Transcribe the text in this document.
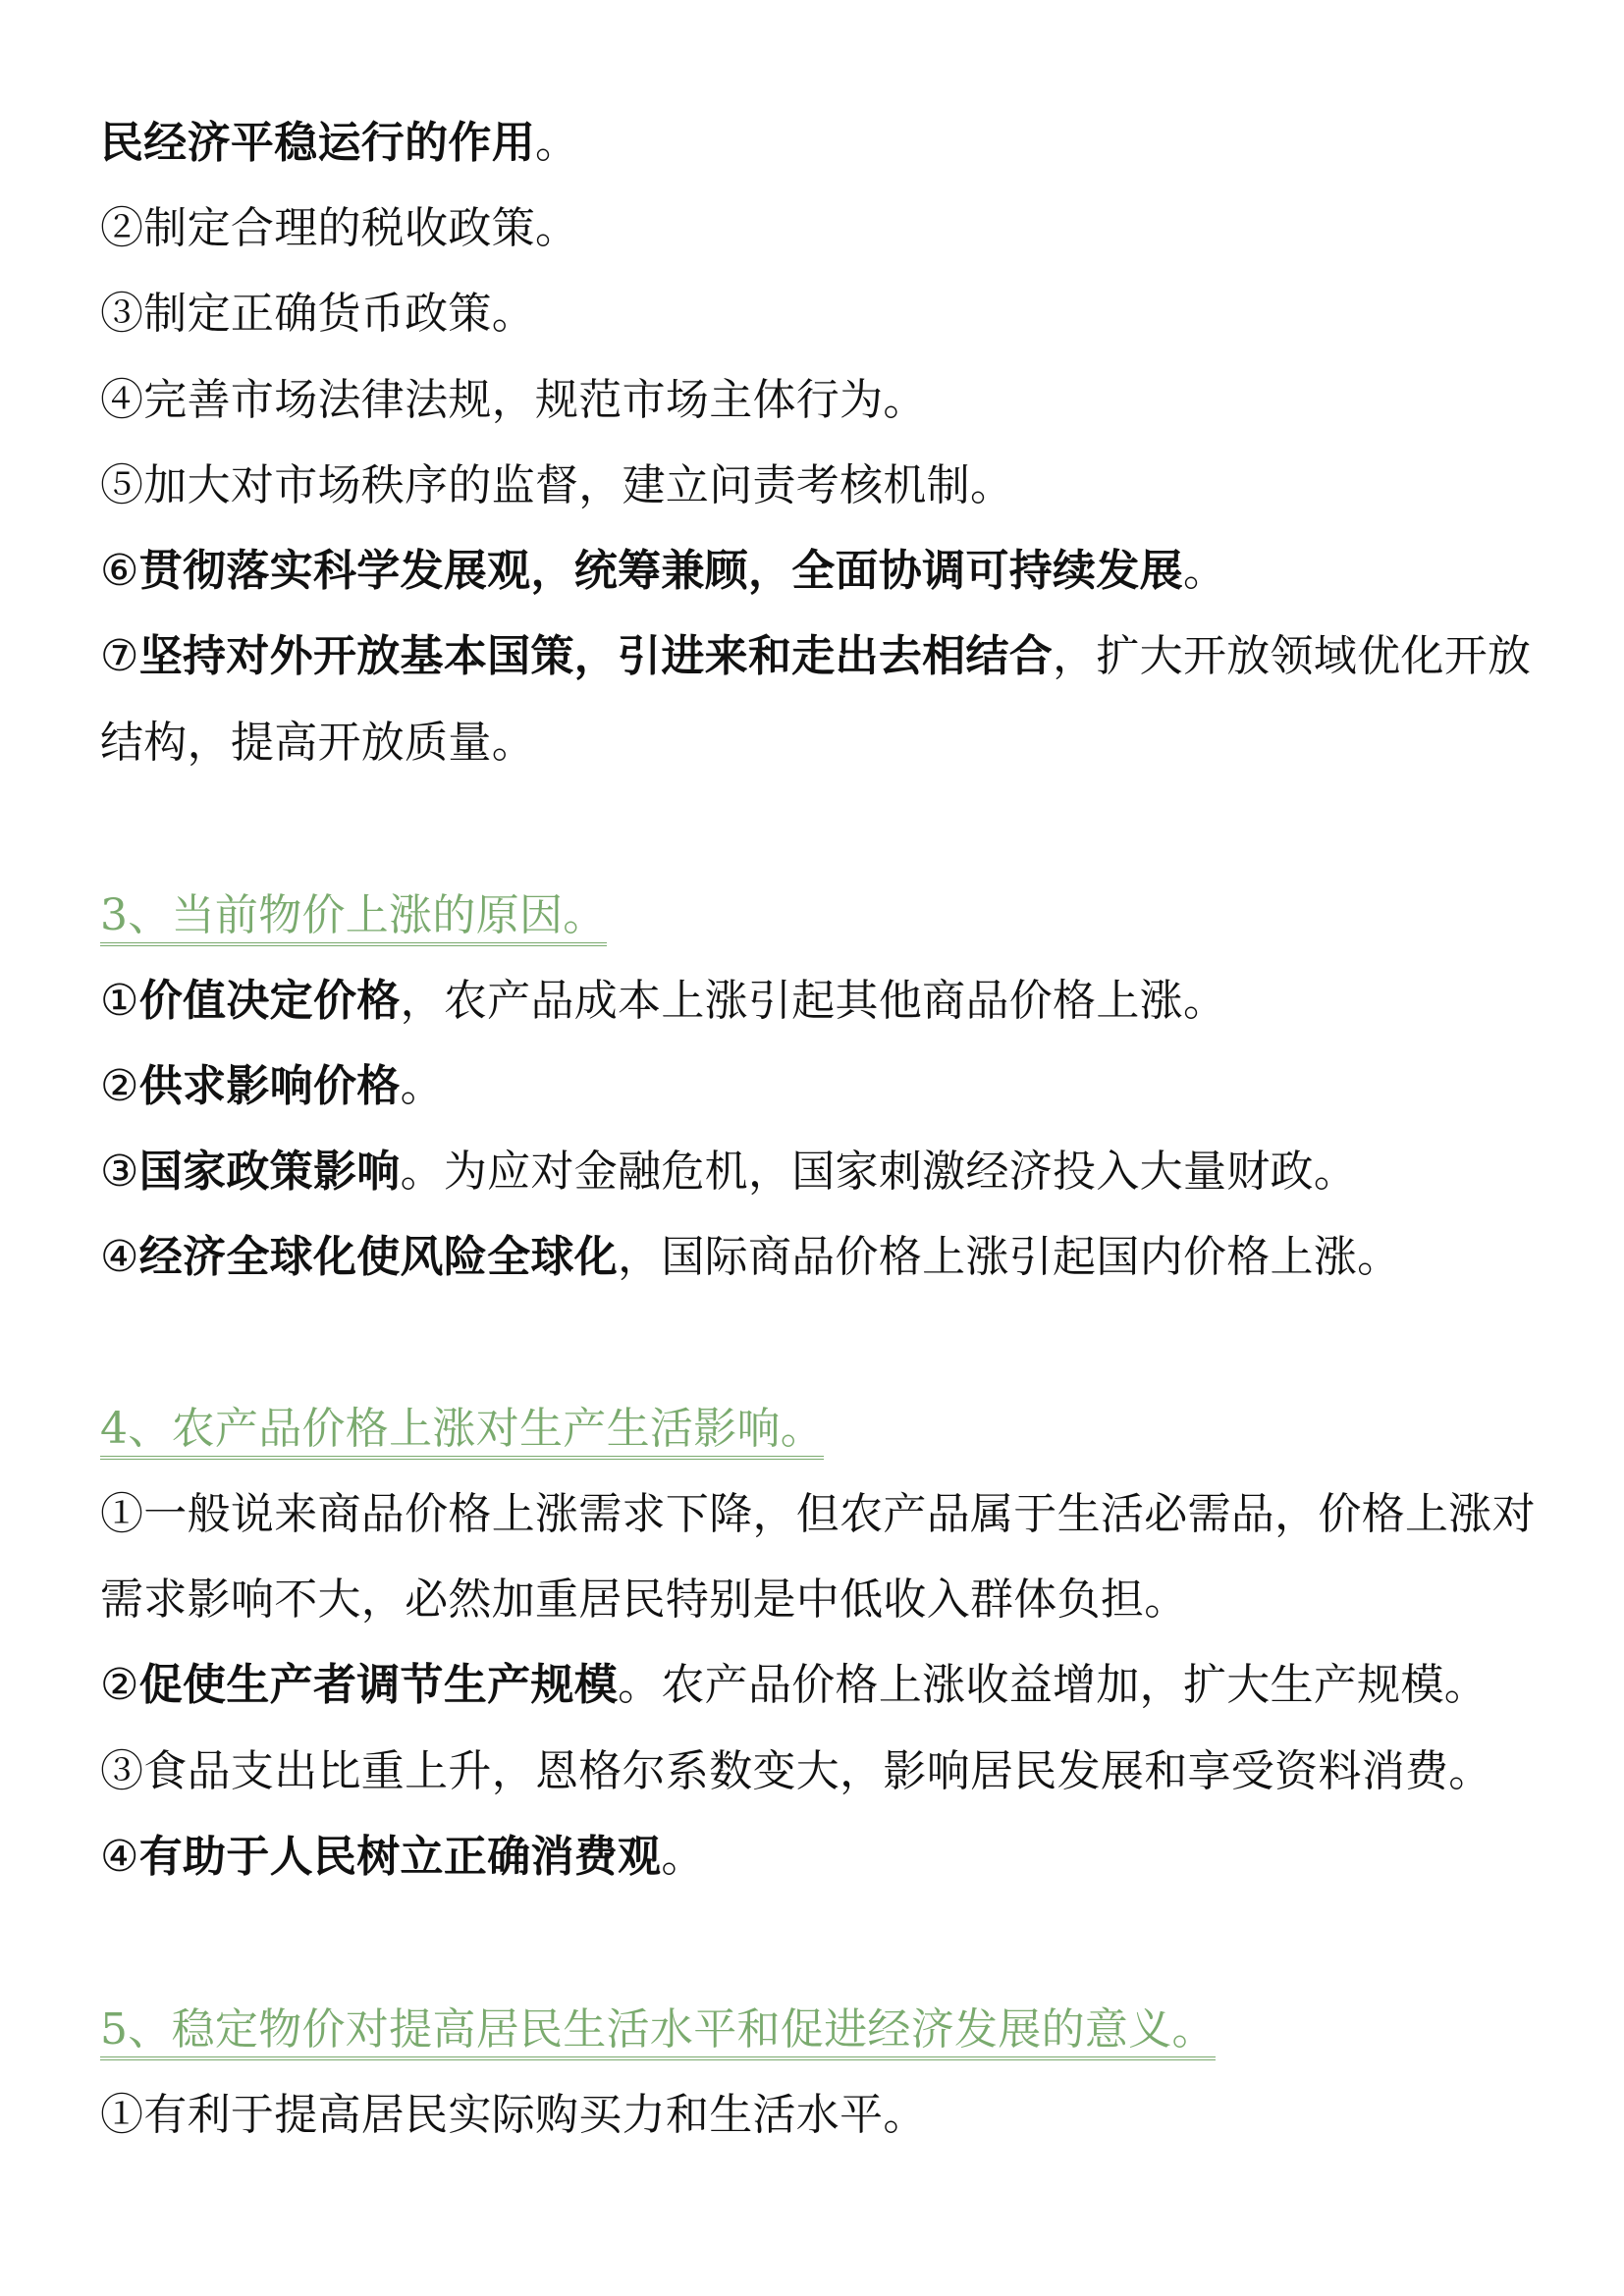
民经济平稳运行的作用。
②制定合理的税收政策。
③制定正确货币政策。
④完善市场法律法规，规范市场主体行为。
⑤加大对市场秩序的监督，建立问责考核机制。
⑥贯彻落实科学发展观，统筹兼顾，全面协调可持续发展。
⑦坚持对外开放基本国策，引进来和走出去相结合，扩大开放领域优化开放
结构，提高开放质量。
3、当前物价上涨的原因。
①价值决定价格，农产品成本上涨引起其他商品价格上涨。
②供求影响价格。
③国家政策影响。为应对金融危机，国家刺激经济投入大量财政。
④经济全球化使风险全球化，国际商品价格上涨引起国内价格上涨。
4、农产品价格上涨对生产生活影响。
①一般说来商品价格上涨需求下降，但农产品属于生活必需品，价格上涨对
需求影响不大，必然加重居民特别是中低收入群体负担。
②促使生产者调节生产规模。农产品价格上涨收益增加，扩大生产规模。
③食品支出比重上升，恩格尔系数变大，影响居民发展和享受资料消费。
④有助于人民树立正确消费观。
5、稳定物价对提高居民生活水平和促进经济发展的意义。
①有利于提高居民实际购买力和生活水平。
